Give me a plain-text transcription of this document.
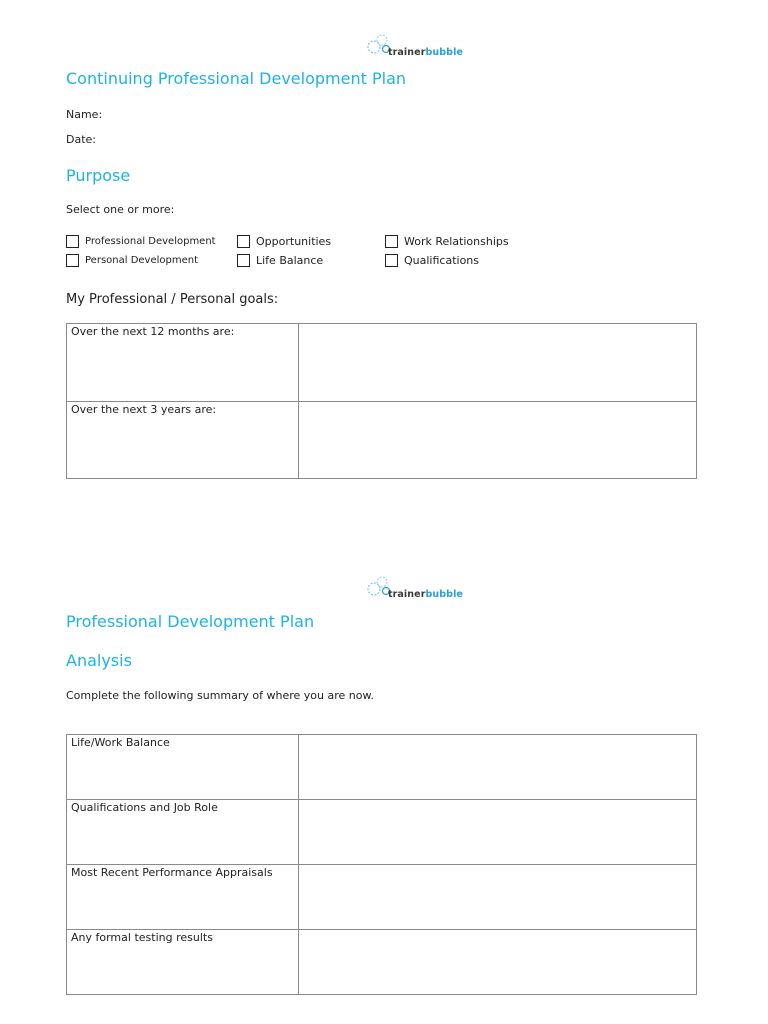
trainerbubble
Continuing Professional Development Plan
Name:
Date:
Purpose
Select one or more:
Professional Development	Opportunities	Work Relationships
Personal Development	Life Balance	Qualifications
My Professional / Personal goals:
Over the next 12 months are:	
Over the next 3 years are:	
trainerbubble
Professional Development Plan
Analysis
Complete the following summary of where you are now.
Life/Work Balance	
Qualifications and Job Role	
Most Recent Performance Appraisals	
Any formal testing results	
